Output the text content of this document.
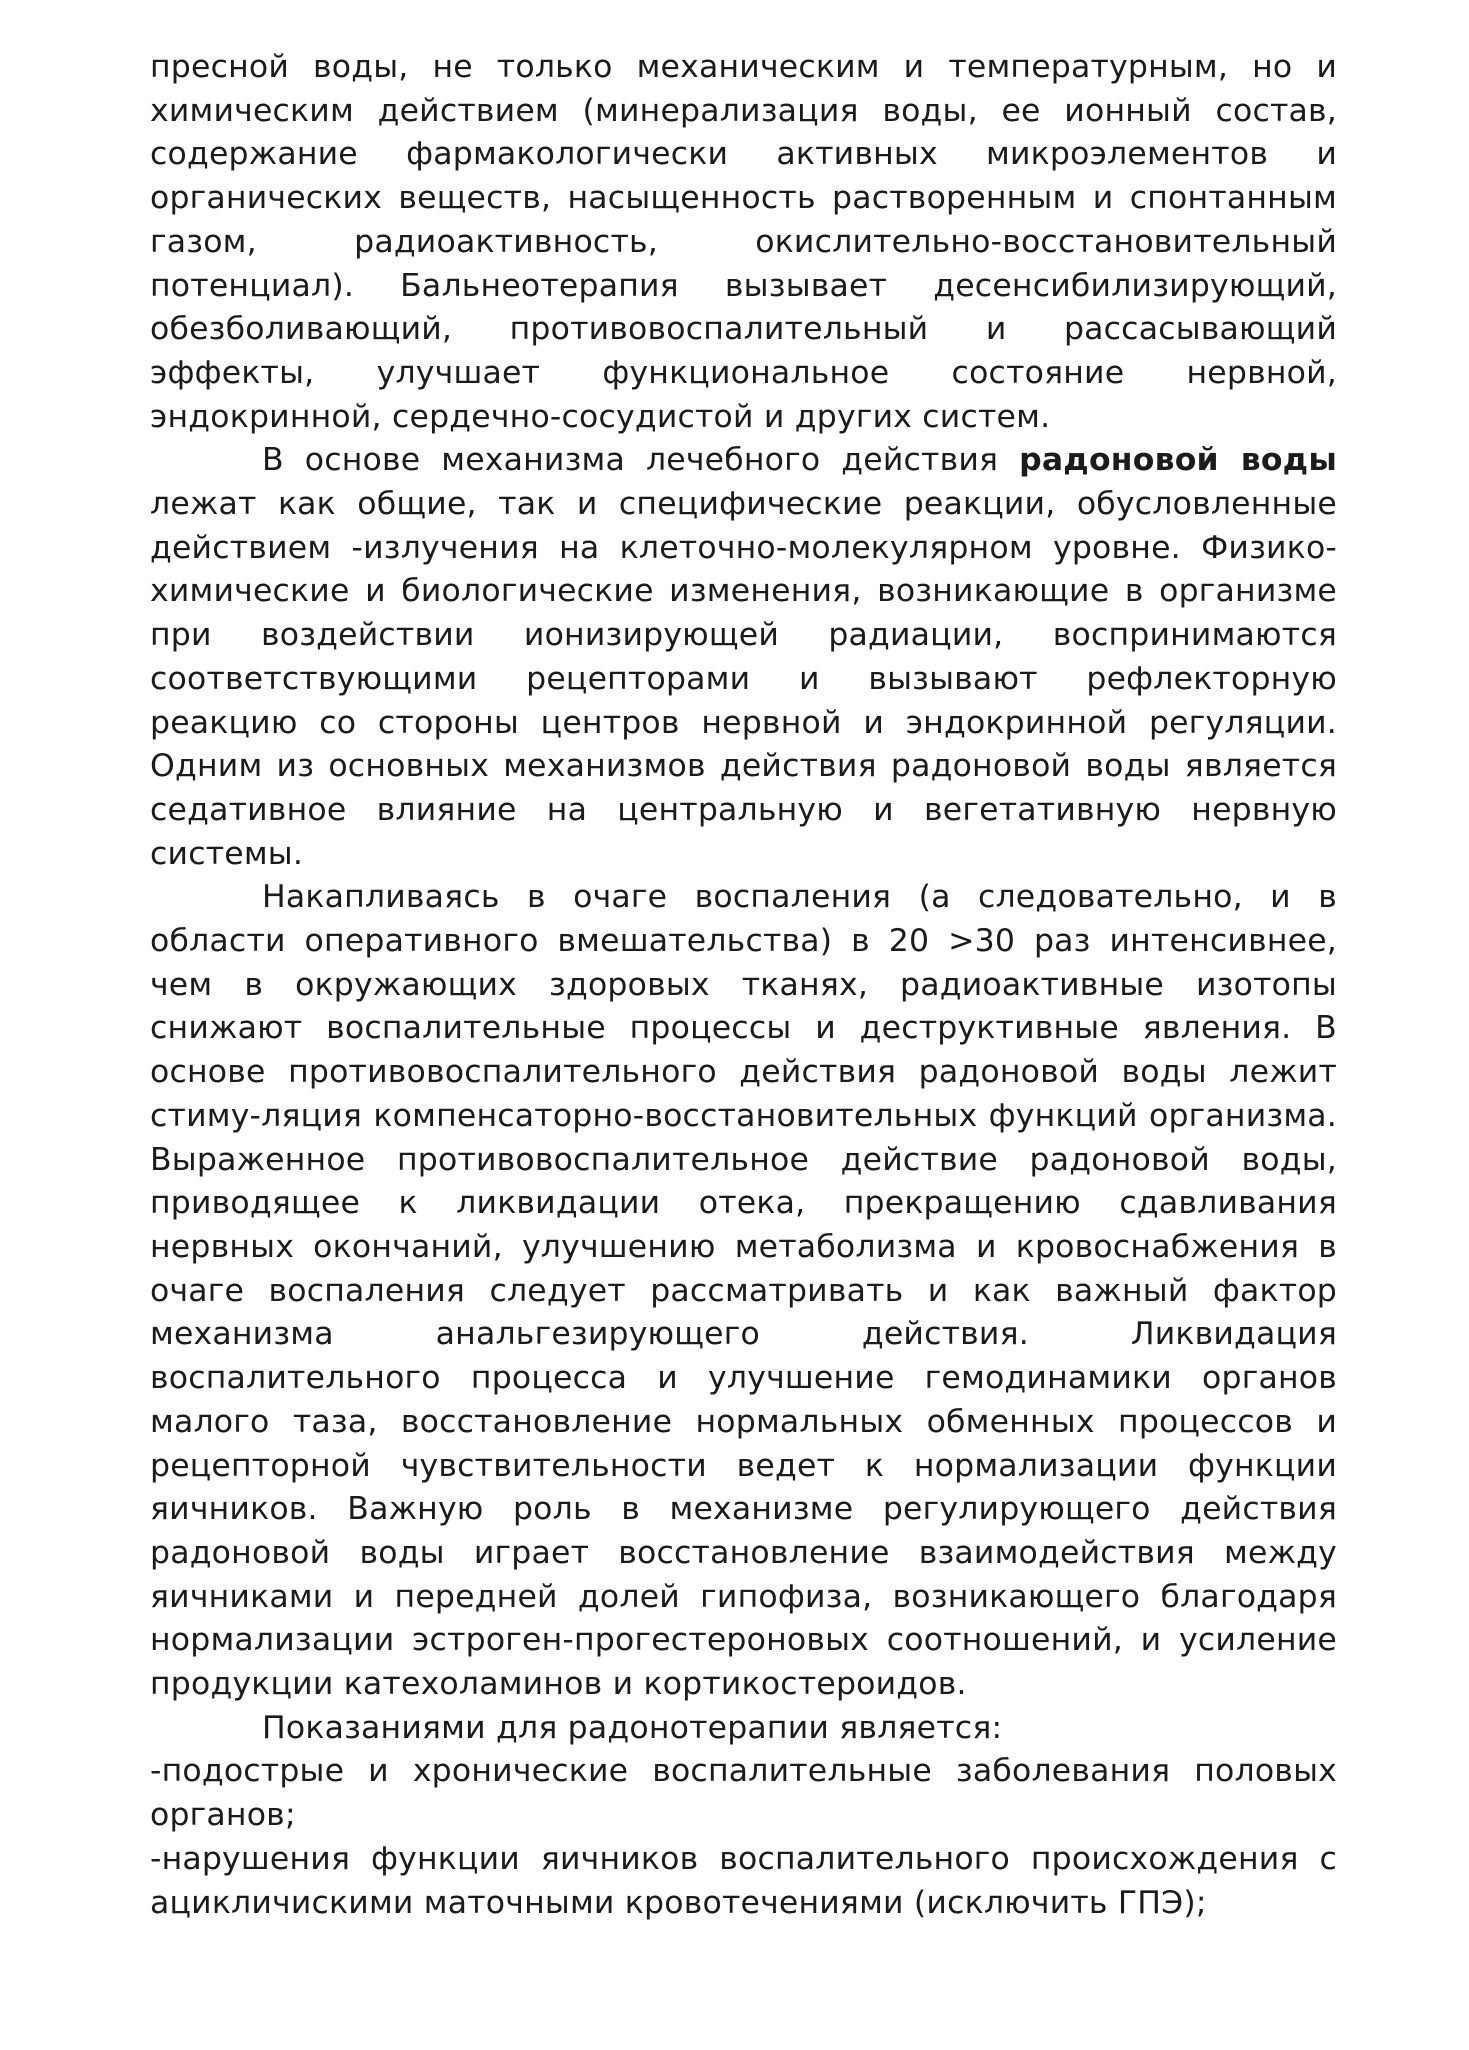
пресной воды, не только механическим и температурным, но и химическим действием (минерализация воды, ее ионный состав, содержание фармакологически активных микроэлементов и органических веществ, насыщенность растворенным и спонтанным газом, радиоактивность, окислительно-восстановительный потенциал). Бальнеотерапия вызывает десенсибилизирующий, обезболивающий, противовоспалительный и рассасывающий эффекты, улучшает функциональное состояние нервной, эндокринной, сердечно-сосудистой и других систем.

В основе механизма лечебного действия радоновой воды лежат как общие, так и специфические реакции, обусловленные действием -излучения на клеточно-молекулярном уровне. Физико-химические и биологические изменения, возникающие в организме при воздействии ионизирующей радиации, воспринимаются соответствующими рецепторами и вызывают рефлекторную реакцию со стороны центров нервной и эндокринной регуляции. Одним из основных механизмов действия радоновой воды является седативное влияние на центральную и вегетативную нервную системы.

Накапливаясь в очаге воспаления (а следовательно, и в области оперативного вмешательства) в 20 >30 раз интенсивнее, чем в окружающих здоровых тканях, радиоактивные изотопы снижают воспалительные процессы и деструктивные явления. В основе противовоспалительного действия радоновой воды лежит стиму-ляция компенсаторно-восстановительных функций организма. Выраженное противовоспалительное действие радоновой воды, приводящее к ликвидации отека, прекращению сдавливания нервных окончаний, улучшению метаболизма и кровоснабжения в очаге воспаления следует рассматривать и как важный фактор механизма анальгезирующего действия. Ликвидация воспалительного процесса и улучшение гемодинамики органов малого таза, восстановление нормальных обменных процессов и рецепторной чувствительности ведет к нормализации функции яичников. Важную роль в механизме регулирующего действия радоновой воды играет восстановление взаимодействия между яичниками и передней долей гипофиза, возникающего благодаря нормализации эстроген-прогестероновых соотношений, и усиление продукции катехоламинов и кортикостероидов.

Показаниями для радонотерапии является:

-подострые и хронические воспалительные заболевания половых органов;

-нарушения функции яичников воспалительного происхождения с ацикличискими маточными кровотечениями (исключить ГПЭ);
